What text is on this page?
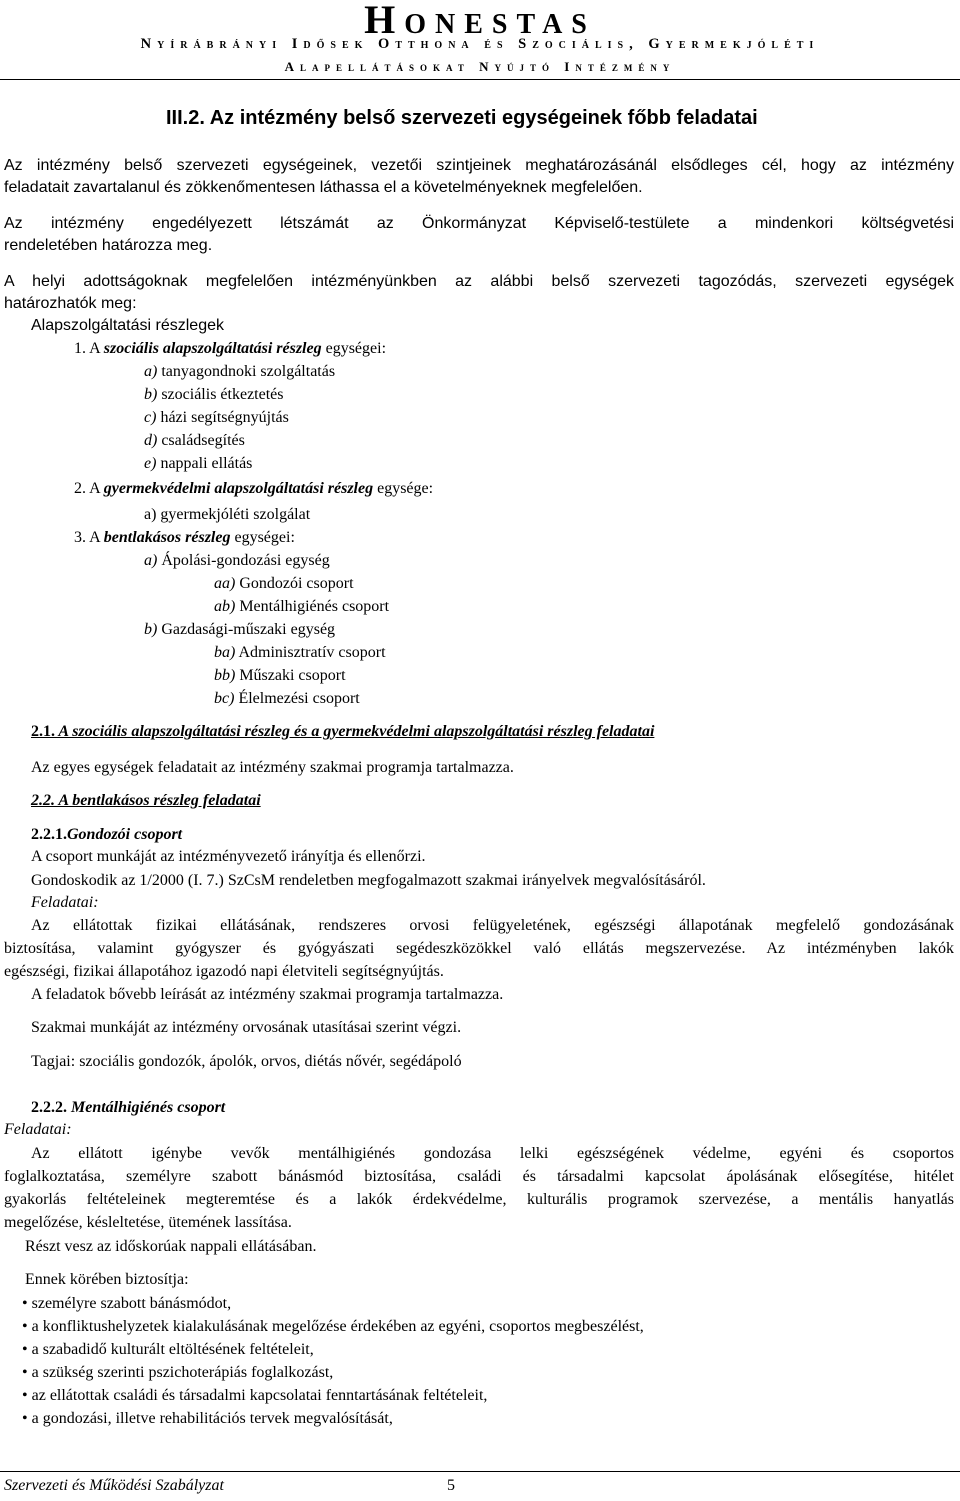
Honestas
Nyírábrányi Idősek Otthona és Szociális, Gyermekjóléti
Alapellátásokat Nyújtó Intézmény
III.2. Az intézmény belső szervezeti egységeinek főbb feladatai
Az intézmény belső szervezeti egységeinek, vezetői szintjeinek meghatározásánál elsődleges cél, hogy az intézmény
feladatait zavartalanul és zökkenőmentesen láthassa el a követelményeknek megfelelően.
Az intézmény engedélyezett létszámát az Önkormányzat Képviselő-testülete a mindenkori költségvetési
rendeletében határozza meg.
A helyi adottságoknak megfelelően intézményünkben az alábbi belső szervezeti tagozódás, szervezeti egységek
határozhatók meg:
Alapszolgáltatási részlegek
1. A szociális alapszolgáltatási részleg egységei:
a) tanyagondnoki szolgáltatás
b) szociális étkeztetés
c) házi segítségnyújtás
d) családsegítés
e) nappali ellátás
2. A gyermekvédelmi alapszolgáltatási részleg egysége:
a) gyermekjóléti szolgálat
3. A bentlakásos részleg egységei:
a) Ápolási-gondozási egység
aa) Gondozói csoport
ab) Mentálhigiénés csoport
b) Gazdasági-műszaki egység
ba) Adminisztratív csoport
bb) Műszaki csoport
bc) Élelmezési csoport
2.1. A szociális alapszolgáltatási részleg és a gyermekvédelmi alapszolgáltatási részleg feladatai
Az egyes egységek feladatait az intézmény szakmai programja tartalmazza.
2.2. A bentlakásos részleg feladatai
2.2.1.Gondozói csoport
A csoport munkáját az intézményvezető irányítja és ellenőrzi.
Gondoskodik az 1/2000 (I. 7.) SzCsM rendeletben megfogalmazott szakmai irányelvek megvalósításáról.
Feladatai:
Az ellátottak fizikai ellátásának, rendszeres orvosi felügyeletének, egészségi állapotának megfelelő gondozásának
biztosítása, valamint gyógyszer és gyógyászati segédeszközökkel való ellátás megszervezése. Az intézményben lakók
egészségi, fizikai állapotához igazodó napi életviteli segítségnyújtás.
A feladatok bővebb leírását az intézmény szakmai programja tartalmazza.
Szakmai munkáját az intézmény orvosának utasításai szerint végzi.
Tagjai: szociális gondozók, ápolók, orvos, diétás nővér, segédápoló
2.2.2. Mentálhigiénés csoport
Feladatai:
Az ellátott igénybe vevők mentálhigiénés gondozása lelki egészségének védelme, egyéni és csoportos
foglalkoztatása, személyre szabott bánásmód biztosítása, családi és társadalmi kapcsolat ápolásának elősegítése, hitélet
gyakorlás feltételeinek megteremtése és a lakók érdekvédelme, kulturális programok szervezése, a mentális hanyatlás
megelőzése, késleltetése, ütemének lassítása.
Részt vesz az időskorúak nappali ellátásában.
Ennek körében biztosítja:
• személyre szabott bánásmódot,
• a konfliktushelyzetek kialakulásának megelőzése érdekében az egyéni, csoportos megbeszélést,
• a szabadidő kulturált eltöltésének feltételeit,
• a szükség szerinti pszichoterápiás foglalkozást,
• az ellátottak családi és társadalmi kapcsolatai fenntartásának feltételeit,
• a gondozási, illetve rehabilitációs tervek megvalósítását,
Szervezeti és Működési Szabályzat	5
